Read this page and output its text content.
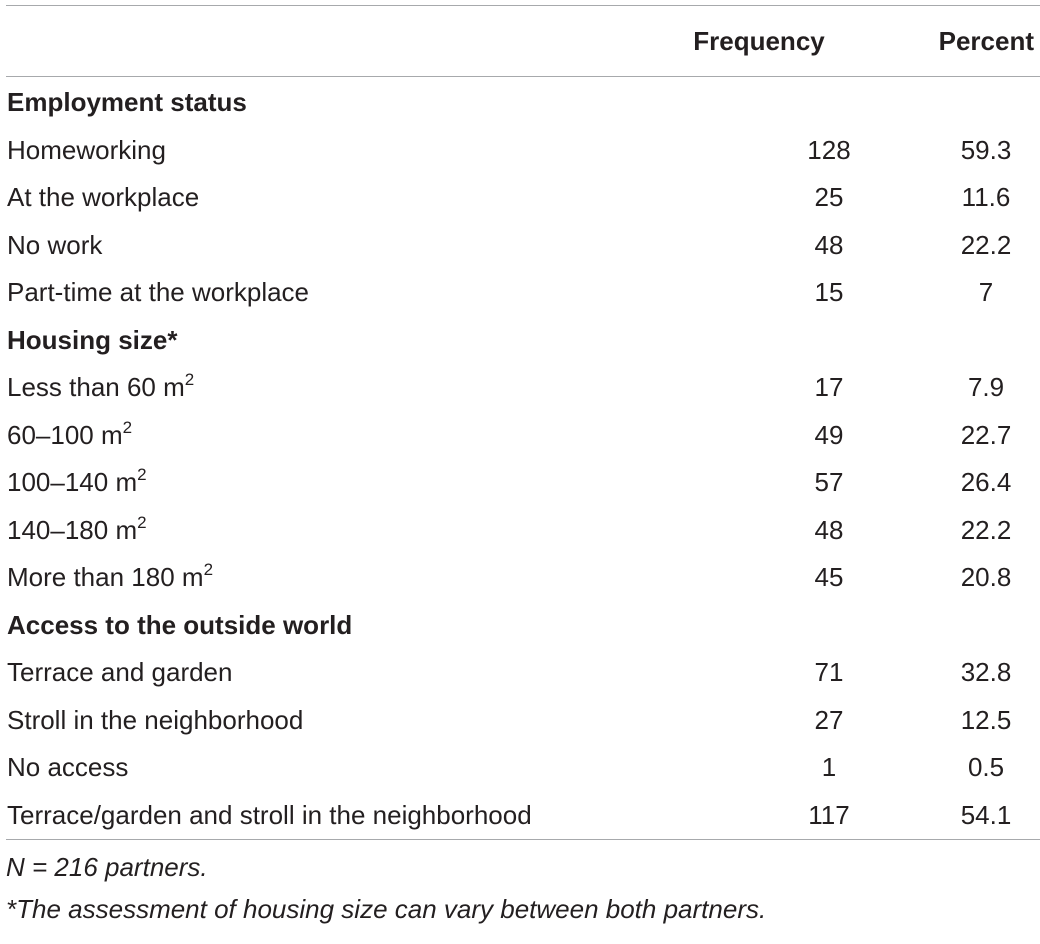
	Frequency	Percent
Employment status		
Homeworking	128	59.3
At the workplace	25	11.6
No work	48	22.2
Part-time at the workplace	15	7
Housing size*		
Less than 60 $m^2$	17	7.9
60–100 $m^2$	49	22.7
100–140 $m^2$	57	26.4
140–180 $m^2$	48	22.2
More than 180 $m^2$	45	20.8
Access to the outside world		
Terrace and garden	71	32.8
Stroll in the neighborhood	27	12.5
No access	1	0.5
Terrace/garden and stroll in the neighborhood	117	54.1
N = 216 partners.
*The assessment of housing size can vary between both partners.
